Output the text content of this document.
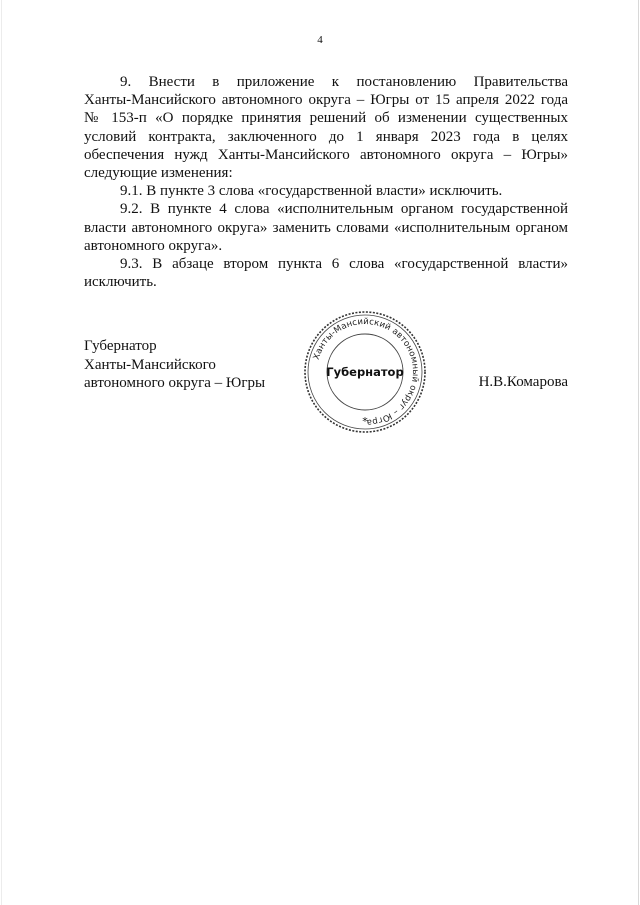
4

9. Внести в приложение к постановлению Правительства
Ханты-Мансийского автономного округа – Югры от 15 апреля 2022 года
№ 153-п «О порядке принятия решений об изменении существенных
условий контракта, заключенного до 1 января 2023 года в целях
обеспечения нужд Ханты-Мансийского автономного округа – Югры»
следующие изменения:

9.1. В пункте 3 слова «государственной власти» исключить.

9.2. В пункте 4 слова «исполнительным органом государственной
власти автономного округа» заменить словами «исполнительным органом
автономного округа».

9.3. В абзаце втором пункта 6 слова «государственной власти»
исключить.

Губернатор
Ханты-Мансийского
автономного округа – Югры
Ханты-Мансийский автономный округ – Югра
Губернатор
*
Н.В.Комарова
